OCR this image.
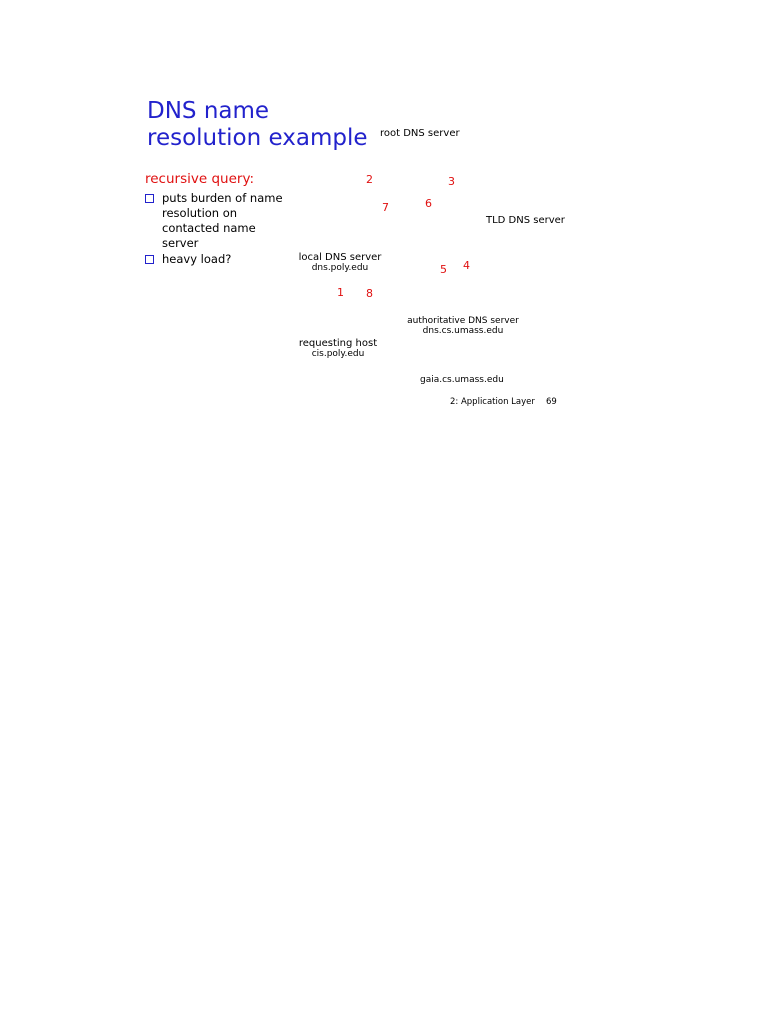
DNS name
resolution example
recursive query:
puts burden of name
resolution on
contacted name
server
heavy load?
root DNS server
TLD DNS server
local DNS server
dns.poly.edu
authoritative DNS server
dns.cs.umass.edu
requesting host
cis.poly.edu
gaia.cs.umass.edu
1
2	3
4
5
6
7
8
2: Application Layer 69
